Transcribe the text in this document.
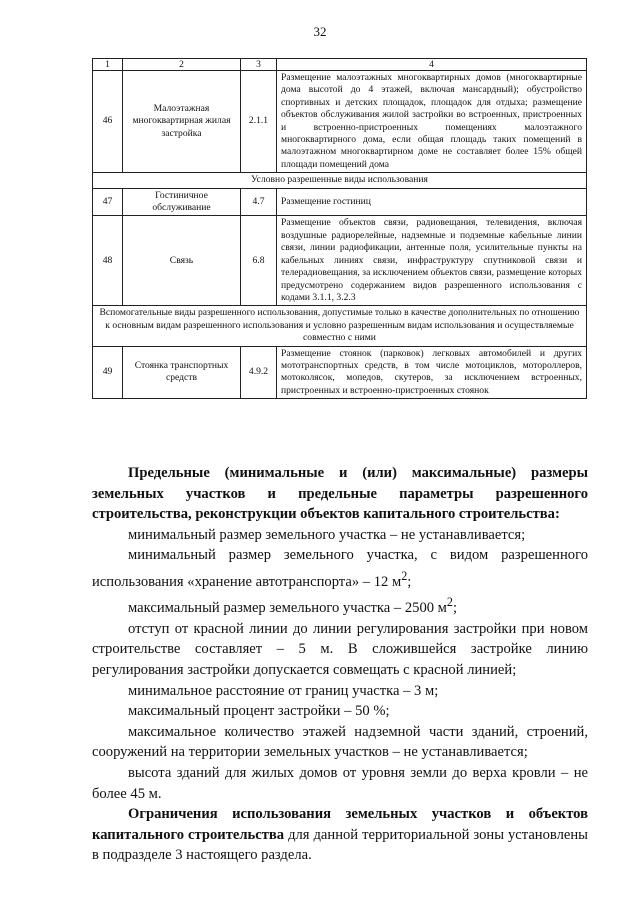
32
1	2	3	4
46	Малоэтажная многоквартирная жилая застройка	2.1.1	Размещение малоэтажных многоквартирных домов (многоквартирные дома высотой до 4 этажей, включая мансардный); обустройство спортивных и детских площадок, площадок для отдыха; размещение объектов обслуживания жилой застройки во встроенных, пристроенных и встроенно-пристроенных помещениях малоэтажного многоквартирного дома, если общая площадь таких помещений в малоэтажном многоквартирном доме не составляет более 15% общей площади помещений дома
Условно разрешенные виды использования			
47	Гостиничное обслуживание	4.7	Размещение гостиниц
48	Связь	6.8	Размещение объектов связи, радиовещания, телевидения, включая воздушные радиорелейные, надземные и подземные кабельные линии связи, линии радиофикации, антенные поля, усилительные пункты на кабельных линиях связи, инфраструктуру спутниковой связи и телерадиовещания, за исключением объектов связи, размещение которых предусмотрено содержанием видов разрешенного использования с кодами 3.1.1, 3.2.3
Вспомогательные виды разрешенного использования, допустимые только в качестве дополнительных по отношению к основным видам разрешенного использования и условно разрешенным видам использования и осуществляемые совместно с ними			
49	Стоянка транспортных средств	4.9.2	Размещение стоянок (парковок) легковых автомобилей и других мототранспортных средств, в том числе мотоциклов, мотороллеров, мотоколясок, мопедов, скутеров, за исключением встроенных, пристроенных и встроенно-пристроенных стоянок

Предельные (минимальные и (или) максимальные) размеры земельных участков и предельные параметры разрешенного строительства, реконструкции объектов капитального строительства:

минимальный размер земельного участка – не устанавливается;

минимальный размер земельного участка, с видом разрешенного использования «хранение автотранспорта» – 12 $м^2$;

максимальный размер земельного участка – 2500 $м^2$;

отступ от красной линии до линии регулирования застройки при новом строительстве составляет – 5 м. В сложившейся застройке линию регулирования застройки допускается совмещать с красной линией;

минимальное расстояние от границ участка – 3 м;

максимальный процент застройки – 50 %;

максимальное количество этажей надземной части зданий, строений, сооружений на территории земельных участков – не устанавливается;

высота зданий для жилых домов от уровня земли до верха кровли – не более 45 м.

Ограничения использования земельных участков и объектов капитального строительства для данной территориальной зоны установлены в подразделе 3 настоящего раздела.
